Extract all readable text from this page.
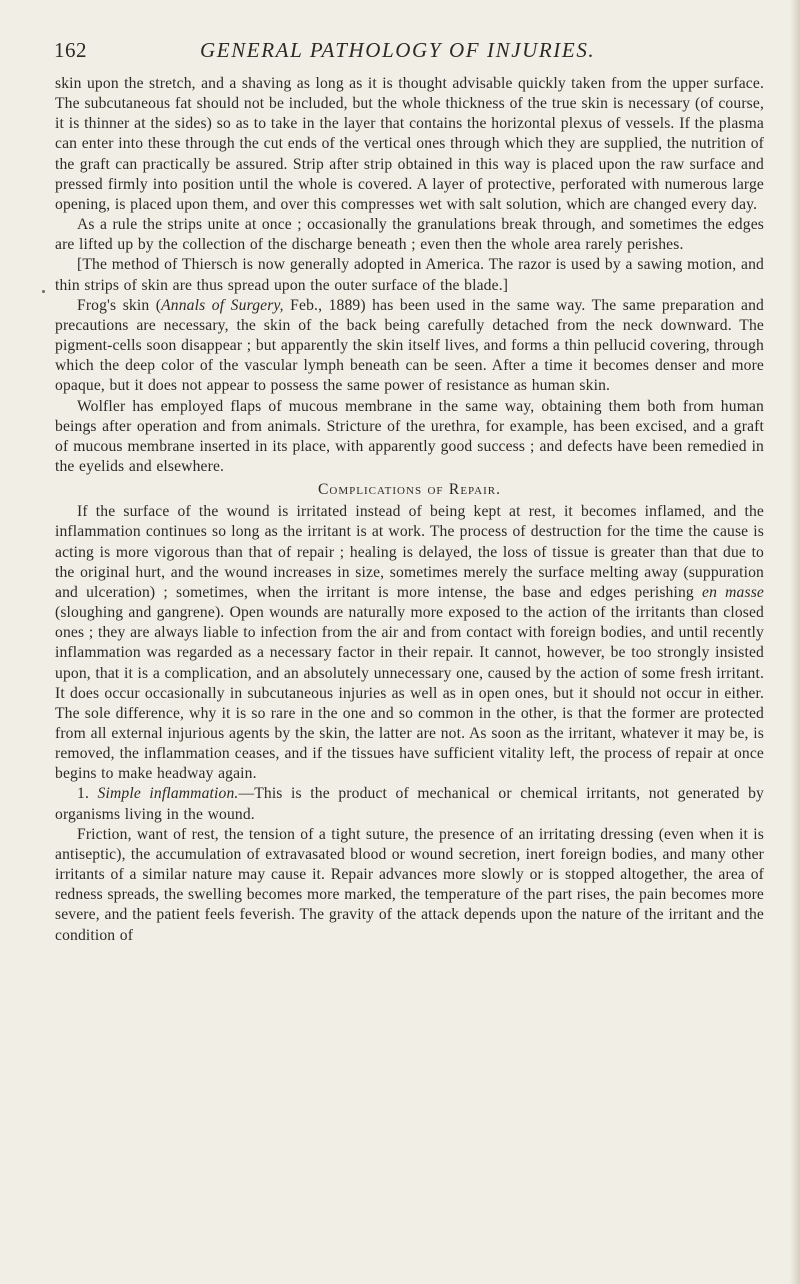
162	GENERAL PATHOLOGY OF INJURIES.

skin upon the stretch, and a shaving as long as it is thought advisable quickly taken from the upper surface. The subcutaneous fat should not be included, but the whole thickness of the true skin is necessary (of course, it is thinner at the sides) so as to take in the layer that contains the horizontal plexus of vessels. If the plasma can enter into these through the cut ends of the vertical ones through which they are supplied, the nutrition of the graft can practically be assured. Strip after strip obtained in this way is placed upon the raw surface and pressed firmly into position until the whole is covered. A layer of protective, perforated with numerous large opening, is placed upon them, and over this compresses wet with salt solution, which are changed every day.

As a rule the strips unite at once ; occasionally the granulations break through, and sometimes the edges are lifted up by the collection of the discharge beneath ; even then the whole area rarely perishes.

[The method of Thiersch is now generally adopted in America. The razor is used by a sawing motion, and thin strips of skin are thus spread upon the outer surface of the blade.]

Frog's skin (Annals of Surgery, Feb., 1889) has been used in the same way. The same preparation and precautions are necessary, the skin of the back being carefully detached from the neck downward. The pigment-cells soon disappear ; but apparently the skin itself lives, and forms a thin pellucid covering, through which the deep color of the vascular lymph beneath can be seen. After a time it becomes denser and more opaque, but it does not appear to possess the same power of resistance as human skin.

Wolfler has employed flaps of mucous membrane in the same way, obtaining them both from human beings after operation and from animals. Stricture of the urethra, for example, has been excised, and a graft of mucous membrane inserted in its place, with apparently good success ; and defects have been remedied in the eyelids and elsewhere.

Complications of Repair.

If the surface of the wound is irritated instead of being kept at rest, it becomes inflamed, and the inflammation continues so long as the irritant is at work. The process of destruction for the time the cause is acting is more vigorous than that of repair ; healing is delayed, the loss of tissue is greater than that due to the original hurt, and the wound increases in size, sometimes merely the surface melting away (suppuration and ulceration) ; sometimes, when the irritant is more intense, the base and edges perishing en masse (sloughing and gangrene). Open wounds are naturally more exposed to the action of the irritants than closed ones ; they are always liable to infection from the air and from contact with foreign bodies, and until recently inflammation was regarded as a necessary factor in their repair. It cannot, however, be too strongly insisted upon, that it is a complication, and an absolutely unnecessary one, caused by the action of some fresh irritant. It does occur occasionally in subcutaneous injuries as well as in open ones, but it should not occur in either. The sole difference, why it is so rare in the one and so common in the other, is that the former are protected from all external injurious agents by the skin, the latter are not. As soon as the irritant, whatever it may be, is removed, the inflammation ceases, and if the tissues have sufficient vitality left, the process of repair at once begins to make headway again.

1. Simple inflammation.—This is the product of mechanical or chemical irritants, not generated by organisms living in the wound.

Friction, want of rest, the tension of a tight suture, the presence of an irritating dressing (even when it is antiseptic), the accumulation of extravasated blood or wound secretion, inert foreign bodies, and many other irritants of a similar nature may cause it. Repair advances more slowly or is stopped altogether, the area of redness spreads, the swelling becomes more marked, the temperature of the part rises, the pain becomes more severe, and the patient feels feverish. The gravity of the attack depends upon the nature of the irritant and the condition of
